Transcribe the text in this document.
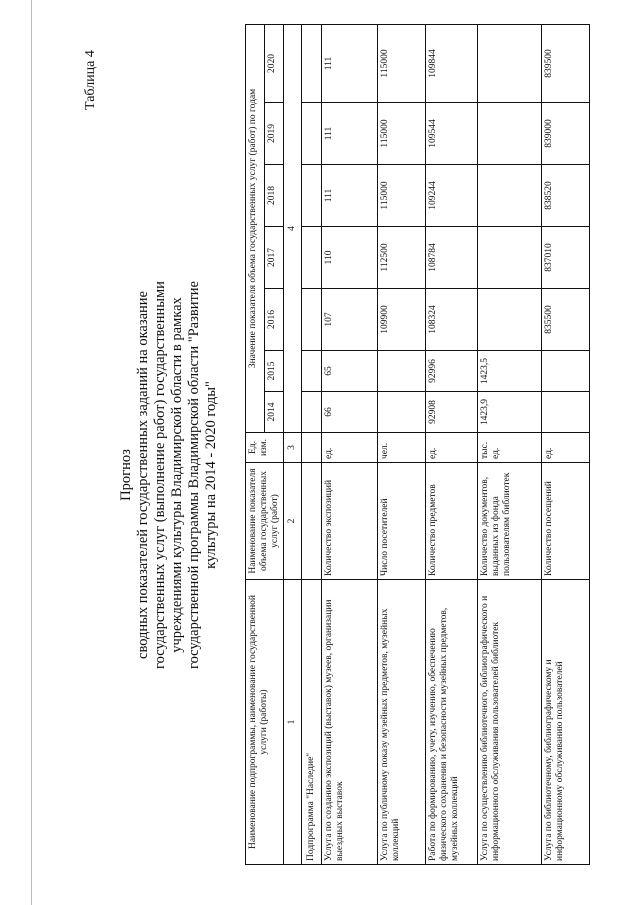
Таблица 4
Прогноз сводных показателей государственных заданий на оказание государственных услуг (выполнение работ) государственными учреждениями культуры Владимирской области в рамках государственной программы Владимирской области "Развитие культуры на 2014 - 2020 годы"
Наименование подпрограммы, наименование государственной услуги (работы)	Наименование показателя объема государственных услуг (работ)	Ед. изм.	Значение показателя объема государственных услуг (работ) по годам						
			2014	2015	2016	2017	2018	2019	2020
1	2	3	4						
Подпрограмма "Наследие"									
Услуга по созданию экспозиций (выставок) музеев, организации выездных выставок	Количество экспозиций	ед.	66	65	107	110	111	111	111
Услуга по публичному показу музейных предметов, музейных коллекций	Число посетителей	чел.			109900	112500	115000	115000	115000
Работа по формированию, учету, изучению, обеспечению физического сохранения и безопасности музейных предметов, музейных коллекций	Количество предметов	ед.	92908	92996	108324	108784	109244	109544	109844
Услуга по осуществлению библиотечного, библиографического и информационного обслуживания пользователей библиотек	Количество документов, выданных из фонда пользователям библиотек	тыс. ед.	1423,9	1423,5					
Услуга по библиотечному, библиографическому и информационному обслуживанию пользователей	Количество посещений	ед.			835500	837010	838520	839000	839500
